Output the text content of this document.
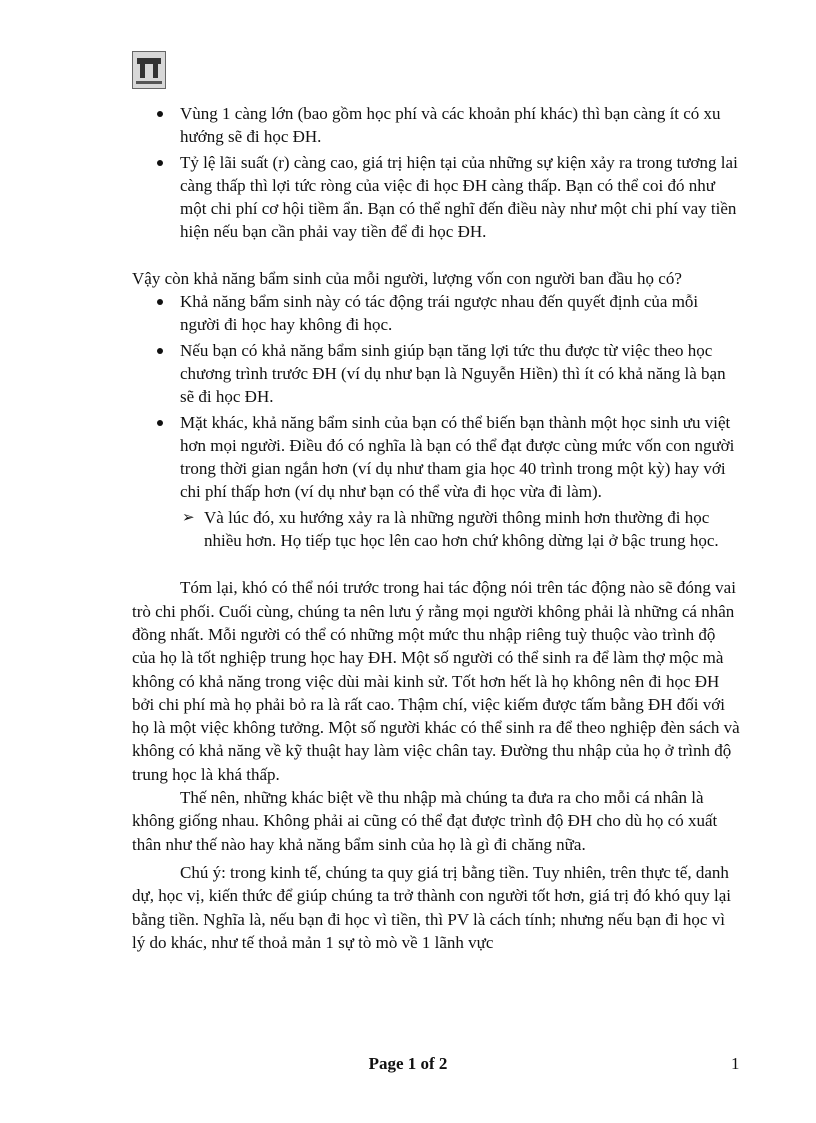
Vùng 1 càng lớn (bao gồm học phí và các khoản phí khác) thì bạn càng ít có xu hướng sẽ đi học ĐH.
Tỷ lệ lãi suất (r) càng cao, giá trị hiện tại của những sự kiện xảy ra trong tương lai càng thấp thì lợi tức ròng của việc đi học ĐH càng thấp. Bạn có thể coi đó như một chi phí cơ hội tiềm ẩn. Bạn có thể nghĩ đến điều này như một chi phí vay tiền hiện nếu bạn cần phải vay tiền để đi học ĐH.

Vậy còn khả năng bẩm sinh của mỗi người, lượng vốn con người ban đầu họ có?

Khả năng bẩm sinh này có tác động trái ngược nhau đến quyết định của mỗi người đi học hay không đi học.
Nếu bạn có khả năng bẩm sinh giúp bạn tăng lợi tức thu được từ việc theo học chương trình trước ĐH (ví dụ như bạn là Nguyễn Hiền) thì ít có khả năng là bạn sẽ đi học ĐH.
Mặt khác, khả năng bẩm sinh của bạn có thể biến bạn thành một học sinh ưu việt hơn mọi người. Điều đó có nghĩa là bạn có thể đạt được cùng mức vốn con người trong thời gian ngắn hơn (ví dụ như tham gia học 40 trình trong một kỳ) hay với chi phí thấp hơn (ví dụ như bạn có thể vừa đi học vừa đi làm).
➢ Và lúc đó, xu hướng xảy ra là những người thông minh hơn thường đi học nhiều hơn. Họ tiếp tục học lên cao hơn chứ không dừng lại ở bậc trung học.

Tóm lại, khó có thể nói trước trong hai tác động nói trên tác động nào sẽ đóng vai trò chi phối. Cuối cùng, chúng ta nên lưu ý rằng mọi người không phải là những cá nhân đồng nhất. Mỗi người có thể có những một mức thu nhập riêng tuỳ thuộc vào trình độ của họ là tốt nghiệp trung học hay ĐH. Một số người có thể sinh ra để làm thợ mộc mà không có khả năng trong việc dùi mài kinh sử. Tốt hơn hết là họ không nên đi học ĐH bởi chi phí mà họ phải bỏ ra là rất cao. Thậm chí, việc kiếm được tấm bằng ĐH đối với họ là một việc không tưởng. Một số người khác có thể sinh ra để theo nghiệp đèn sách và không có khả năng về kỹ thuật hay làm việc chân tay. Đường thu nhập của họ ở trình độ trung học là khá thấp.

Thế nên, những khác biệt về thu nhập mà chúng ta đưa ra cho mỗi cá nhân là không giống nhau. Không phải ai cũng có thể đạt được trình độ ĐH cho dù họ có xuất thân như thế nào hay khả năng bẩm sinh của họ là gì đi chăng nữa.

Chú ý: trong kinh tế, chúng ta quy giá trị bằng tiền. Tuy nhiên, trên thực tế, danh dự, học vị, kiến thức để giúp chúng ta trở thành con người tốt hơn, giá trị đó khó quy lại bằng tiền. Nghĩa là, nếu bạn đi học vì tiền, thì PV là cách tính; nhưng nếu bạn đi học vì lý do khác, như tế thoả mản 1 sự tò mò về 1 lãnh vực

Page 1 of 2	1
